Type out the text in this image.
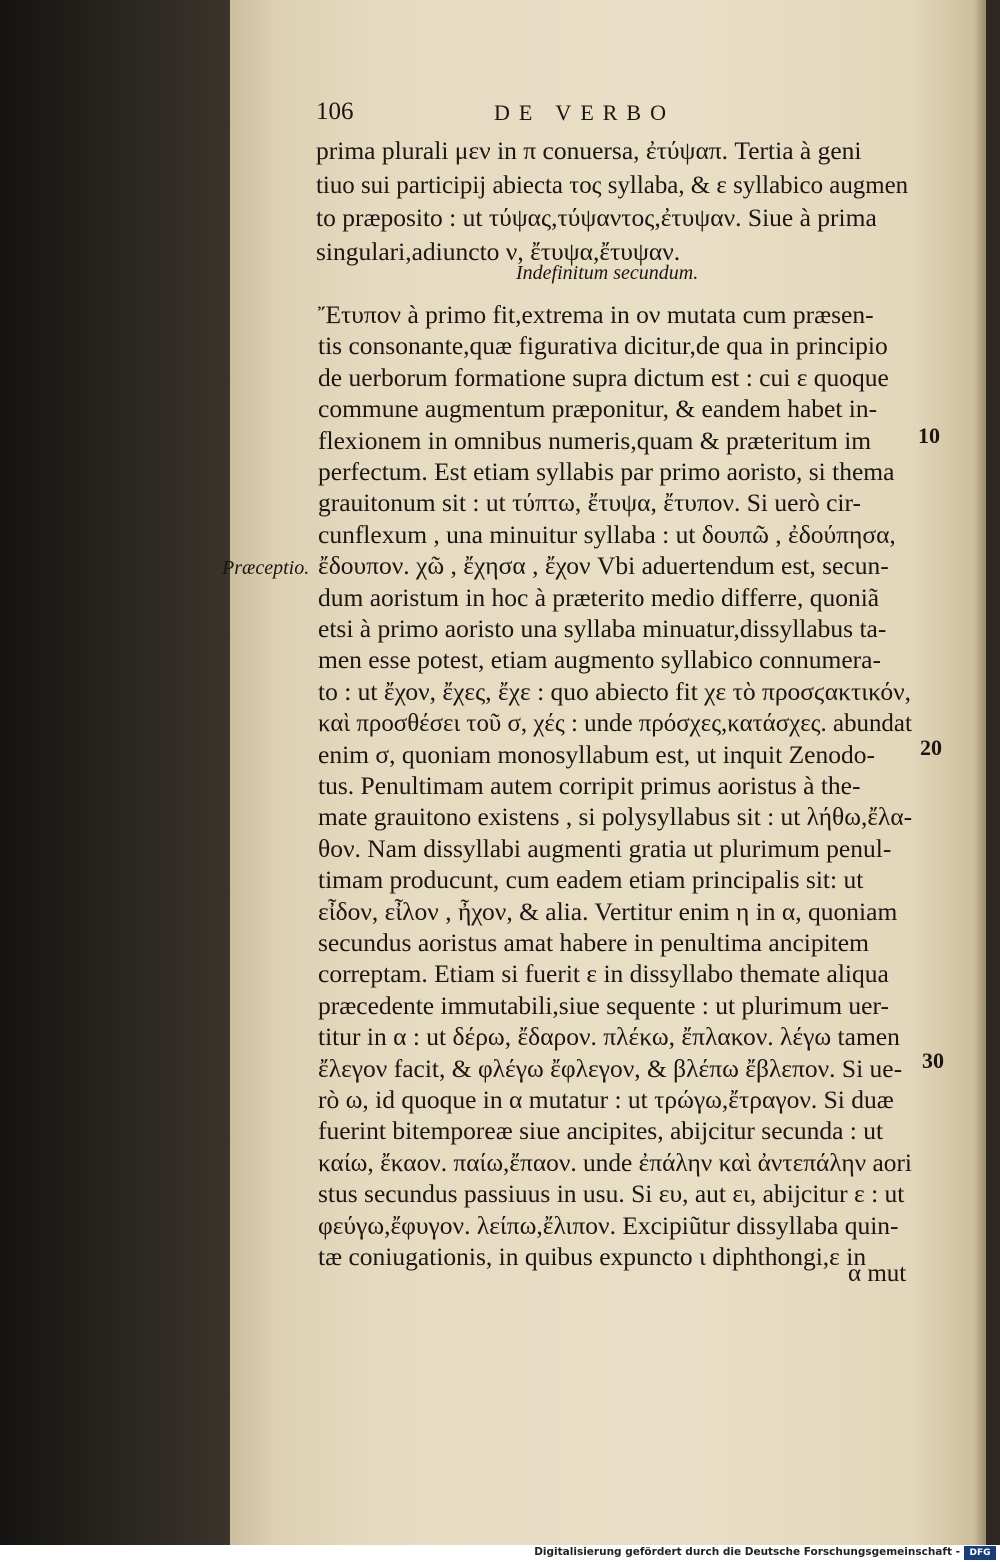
106	DE VERBO
prima plurali μεν in π conuersa, ἐτύψαπ. Tertia à geni
tiuo sui participij abiecta τος syllaba, & ε syllabico augmen
to præposito : ut τύψας,τύψαντος,ἐτυψαν. Siue à prima
singulari,adiuncto ν, ἔτυψα,ἔτυψαν.
Indefinitum secundum.
Ἔτυπον à primo fit,extrema in ον mutata cum præsen-
tis consonante,quæ figurativa dicitur,de qua in principio
de uerborum formatione supra dictum est : cui ε quoque
commune augmentum præponitur, & eandem habet in-
flexionem in omnibus numeris,quam & præteritum im
perfectum. Est etiam syllabis par primo aoristo, si thema
grauitonum sit : ut τύπτω, ἔτυψα, ἔτυπον. Si uerò cir-
cunflexum , una minuitur syllaba : ut δουπῶ , ἐδούπησα,
ἔδουπον. χῶ , ἔχησα , ἔχον Vbi aduertendum est, secun-
dum aoristum in hoc à præterito medio differre, quoniã
etsi à primo aoristo una syllaba minuatur,dissyllabus ta-
men esse potest, etiam augmento syllabico connumera-
to : ut ἔχον, ἔχες, ἔχε : quo abiecto fit χε τὸ προσϛακτικόν,
καὶ προσθέσει τοῦ σ, χές : unde πρόσχες,κατάσχες. abundat
enim σ, quoniam monosyllabum est, ut inquit Zenodo-
tus. Penultimam autem corripit primus aoristus à the-
mate grauitono existens , si polysyllabus sit : ut λήθω,ἔλα-
θον. Nam dissyllabi augmenti gratia ut plurimum penul-
timam producunt, cum eadem etiam principalis sit: ut
εἶδον, εἶλον , ἦχον, & alia. Vertitur enim η in α, quoniam
secundus aoristus amat habere in penultima ancipitem
correptam. Etiam si fuerit ε in dissyllabo themate aliqua
præcedente immutabili,siue sequente : ut plurimum uer-
titur in α : ut δέρω, ἔδαρον. πλέκω, ἔπλακον. λέγω tamen
ἔλεγον facit, & φλέγω ἔφλεγον, & βλέπω ἔβλεπον. Si ue-
rò ω, id quoque in α mutatur : ut τρώγω,ἔτραγον. Si duæ
fuerint bitemporeæ siue ancipites, abijcitur secunda : ut
καίω, ἔκαον. παίω,ἔπαον. unde ἐπάλην καὶ ἀντεπάλην aori
stus secundus passiuus in usu. Si ευ, aut ει, abijcitur ε : ut
φεύγω,ἔφυγον. λείπω,ἔλιπον. Excipiũtur dissyllaba quin-
tæ coniugationis, in quibus expuncto ι diphthongi,ε in
Præceptio.
10
20
30
α mut
Digitalisierung gefördert durch die Deutsche Forschungsgemeinschaft -	DFG
